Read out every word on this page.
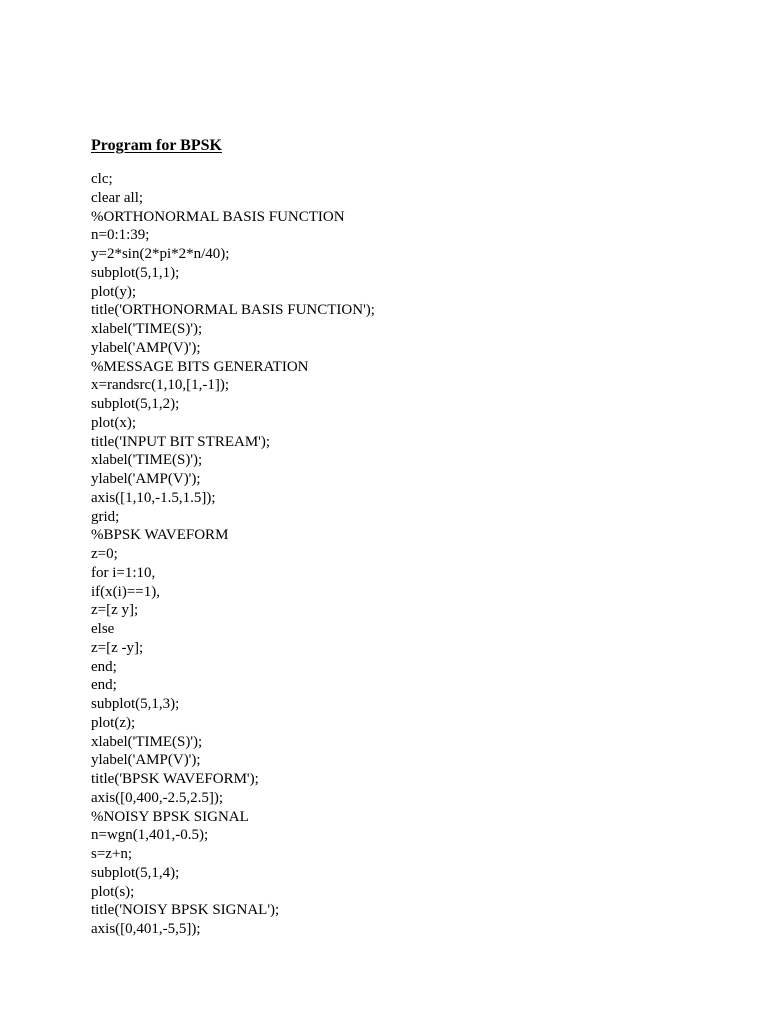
Program for BPSK
clc;
clear all;
%ORTHONORMAL BASIS FUNCTION
n=0:1:39;
y=2*sin(2*pi*2*n/40);
subplot(5,1,1);
plot(y);
title('ORTHONORMAL BASIS FUNCTION');
xlabel('TIME(S)');
ylabel('AMP(V)');
%MESSAGE BITS GENERATION
x=randsrc(1,10,[1,-1]);
subplot(5,1,2);
plot(x);
title('INPUT BIT STREAM');
xlabel('TIME(S)');
ylabel('AMP(V)');
axis([1,10,-1.5,1.5]);
grid;
%BPSK WAVEFORM
z=0;
for i=1:10,
if(x(i)==1),
z=[z y];
else
z=[z -y];
end;
end;
subplot(5,1,3);
plot(z);
xlabel('TIME(S)');
ylabel('AMP(V)');
title('BPSK WAVEFORM');
axis([0,400,-2.5,2.5]);
%NOISY BPSK SIGNAL
n=wgn(1,401,-0.5);
s=z+n;
subplot(5,1,4);
plot(s);
title('NOISY BPSK SIGNAL');
axis([0,401,-5,5]);
